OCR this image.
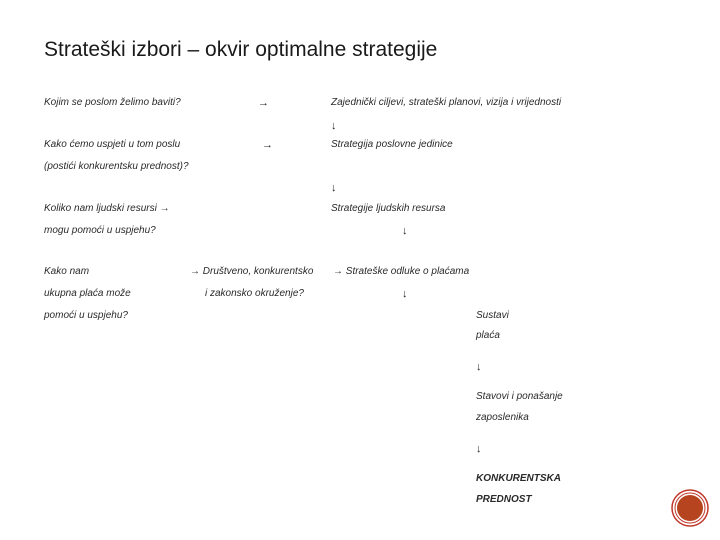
Strateški izbori – okvir optimalne strategije
Kojim se poslom želimo baviti?	→	Zajednički ciljevi, strateški planovi, vizija i vrijednosti
↓
Kako ćemo uspjeti u tom poslu	→	Strategija poslovne jedinice
(postići konkurentsku prednost)?
↓
Koliko nam ljudski resursi →	Strategije ljudskih resursa
mogu pomoći u uspjehu?	↓
Kako nam	→ Društveno, konkurentsko → Strateške odluke o plaćama
ukupna plaća može	i zakonsko okruženje?	↓
pomoći u uspjehu?	Sustavi
plaća
↓
Stavovi i ponašanje
zaposlenika
↓
KONKURENTSKA
PREDNOST
